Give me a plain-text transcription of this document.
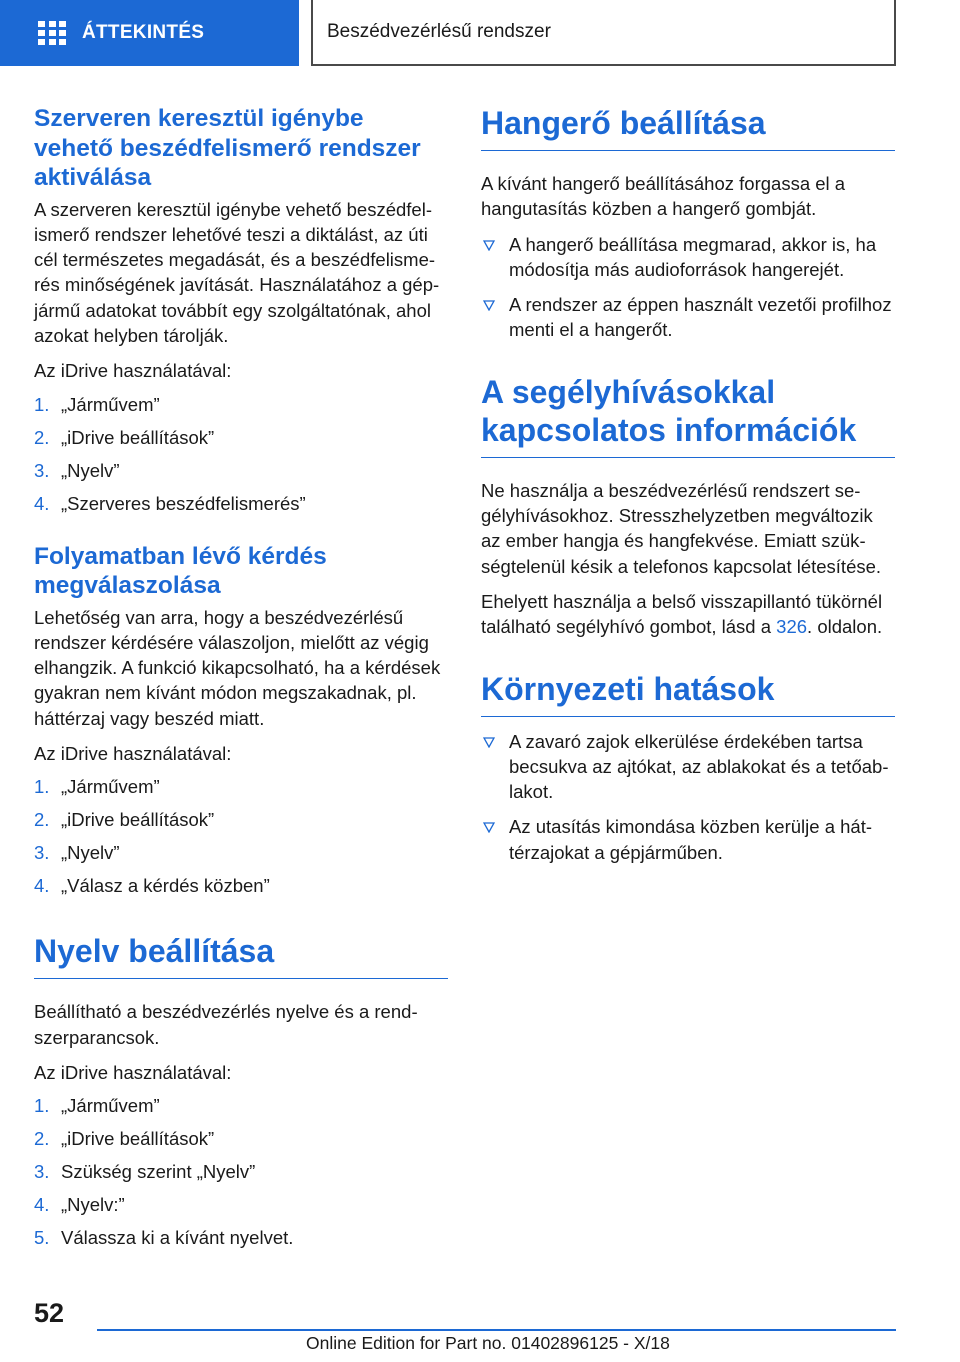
ÁTTEKINTÉS	Beszédvezérlésű rendszer
Szerveren keresztül igénybe vehető beszédfelismerő rendszer aktiválása

A szerveren keresztül igénybe vehető beszédfelismerő rendszer lehetővé teszi a diktálást, az úti cél természetes megadását, és a beszédfelismerés minőségének javítását. Használatához a gépjármű adatokat továbbít egy szolgáltatónak, ahol azokat helyben tárolják.

Az iDrive használatával:

1. „Járművem”
2. „iDrive beállítások”
3. „Nyelv”
4. „Szerveres beszédfelismerés”
Folyamatban lévő kérdés megválaszolása

Lehetőség van arra, hogy a beszédvezérlésű rendszer kérdésére válaszoljon, mielőtt az végig elhangzik. A funkció kikapcsolható, ha a kérdések gyakran nem kívánt módon megszakadnak, pl. háttérzaj vagy beszéd miatt.

Az iDrive használatával:

1. „Járművem”
2. „iDrive beállítások”
3. „Nyelv”
4. „Válasz a kérdés közben”
Nyelv beállítása

Beállítható a beszédvezérlés nyelve és a rendszerparancsok.

Az iDrive használatával:

1. „Járművem”
2. „iDrive beállítások”
3. Szükség szerint „Nyelv”
4. „Nyelv:”
5. Válassza ki a kívánt nyelvet.
Hangerő beállítása

A kívánt hangerő beállításához forgassa el a hangutasítás közben a hangerő gombját.

A hangerő beállítása megmarad, akkor is, ha módosítja más audioforrások hangerejét.
A rendszer az éppen használt vezetői profilhoz menti el a hangerőt.
A segélyhívásokkal kapcsolatos információk

Ne használja a beszédvezérlésű rendszert segélyhívásokhoz. Stresszhelyzetben megváltozik az ember hangja és hangfekvése. Emiatt szükségtelenül késik a telefonos kapcsolat létesítése.

Ehelyett használja a belső visszapillantó tükörnél található segélyhívó gombot, lásd a 326. oldalon.

Környezeti hatások
A zavaró zajok elkerülése érdekében tartsa becsukva az ajtókat, az ablakokat és a tetőablakot.
Az utasítás kimondása közben kerülje a háttérzajokat a gépjárműben.
52
Online Edition for Part no. 01402896125 - X/18
